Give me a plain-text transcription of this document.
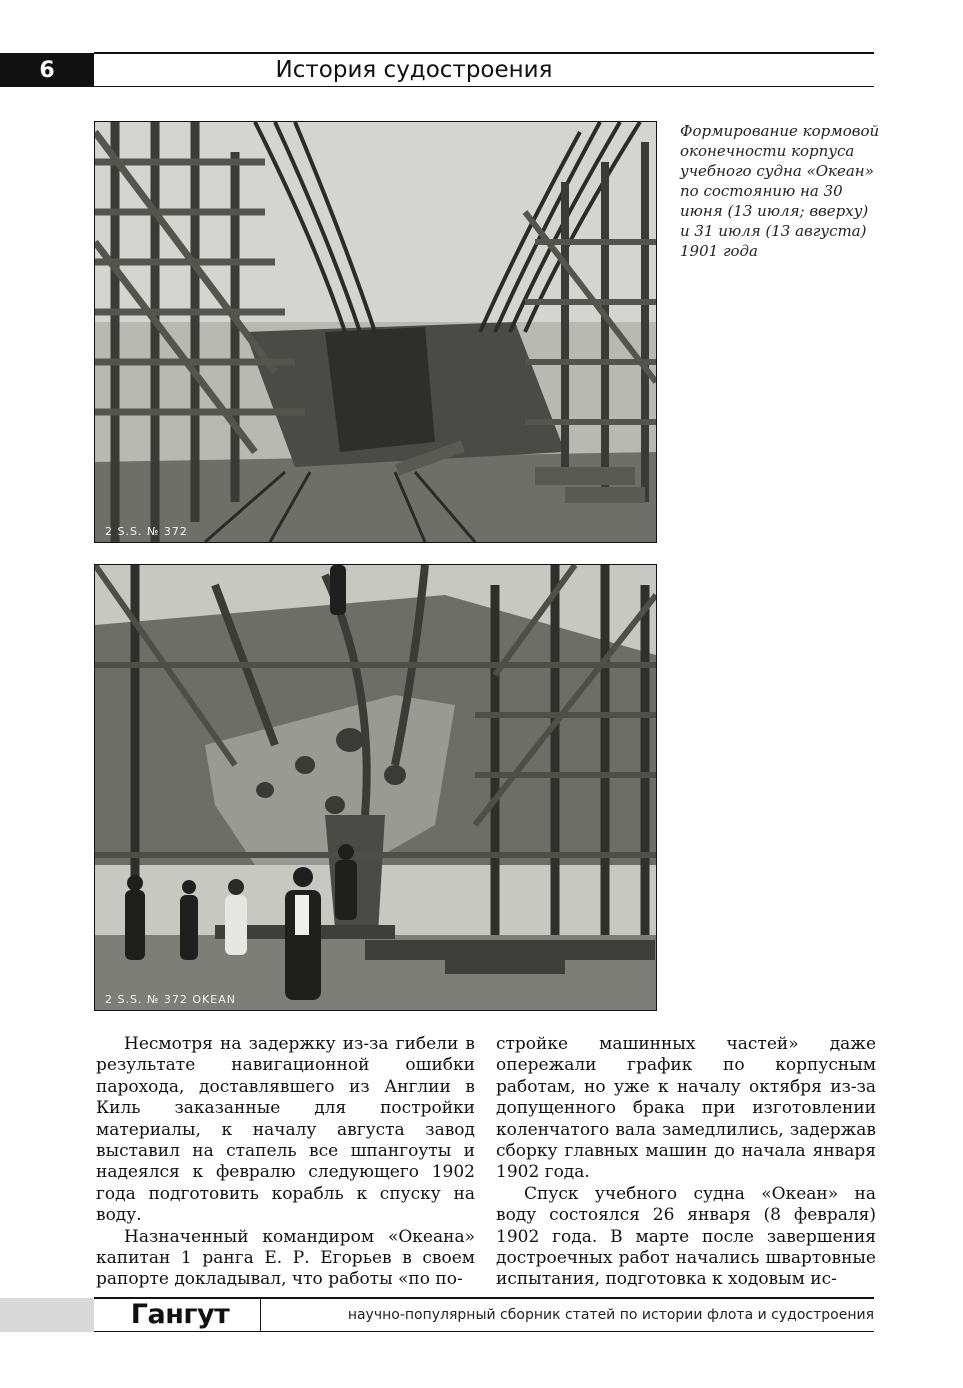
6	История судостроения
2 S.S. № 372
2 S.S. № 372 OKEAN
Формирование кормовой оконечности корпуса учебного судна «Океан» по состоянию на 30 июня (13 июля; вверху) и 31 июля (13 августа) 1901 года

Несмотря на задержку из-за гибели в результате навигационной ошибки парохода, доставлявшего из Англии в Киль заказанные для постройки материалы, к началу августа завод выставил на стапель все шпангоуты и надеялся к февралю следующего 1902 года подготовить корабль к спуску на воду.

Назначенный командиром «Океана» капитан 1 ранга Е. Р. Егорьев в своем рапорте докладывал, что работы «по по-

стройке машинных частей» даже опережали график по корпусным работам, но уже к началу октября из-за допущенного брака при изготовлении коленчатого вала замедлились, задержав сборку главных машин до начала января 1902 года.

Спуск учебного судна «Океан» на воду состоялся 26 января (8 февраля) 1902 года. В марте после завершения достроечных работ начались швартовные испытания, подготовка к ходовым ис-

Гангут	научно-популярный сборник статей по истории флота и судостроения
